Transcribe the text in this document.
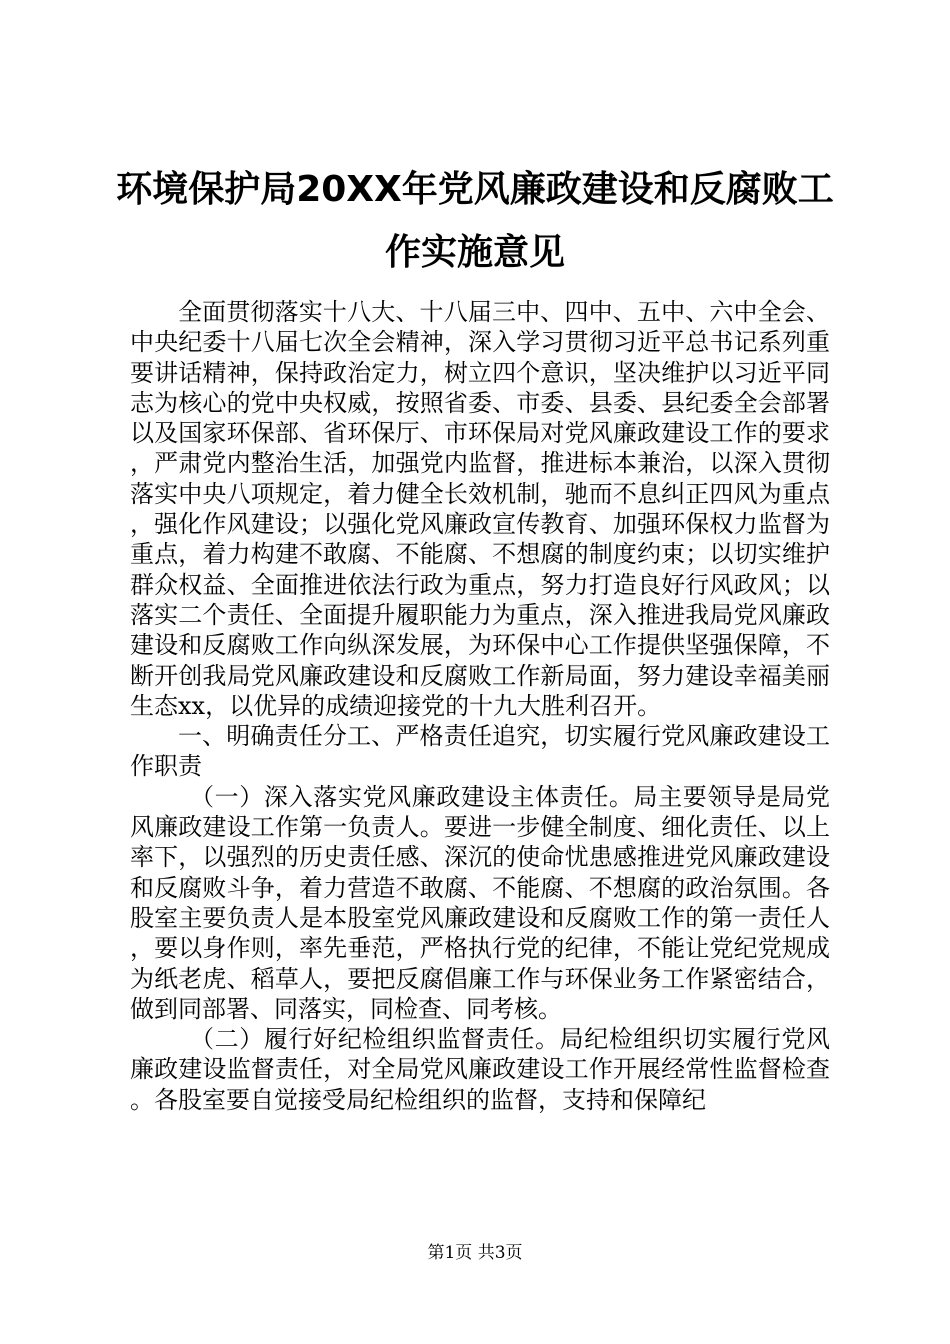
环境保护局20XX年党风廉政建设和反腐败工
作实施意见

全面贯彻落实十八大、十八届三中、四中、五中、六中全会、中央纪委十八届七次全会精神，深入学习贯彻习近平总书记系列重要讲话精神，保持政治定力，树立四个意识，坚决维护以习近平同志为核心的党中央权威，按照省委、市委、县委、县纪委全会部署以及国家环保部、省环保厅、市环保局对党风廉政建设工作的要求，严肃党内整治生活，加强党内监督，推进标本兼治，以深入贯彻落实中央八项规定，着力健全长效机制，驰而不息纠正四风为重点，强化作风建设；以强化党风廉政宣传教育、加强环保权力监督为重点，着力构建不敢腐、不能腐、不想腐的制度约束；以切实维护群众权益、全面推进依法行政为重点，努力打造良好行风政风；以落实二个责任、全面提升履职能力为重点，深入推进我局党风廉政建设和反腐败工作向纵深发展，为环保中心工作提供坚强保障，不断开创我局党风廉政建设和反腐败工作新局面，努力建设幸福美丽生态xx，以优异的成绩迎接党的十九大胜利召开。

一、明确责任分工、严格责任追究，切实履行党风廉政建设工作职责

（一）深入落实党风廉政建设主体责任。局主要领导是局党风廉政建设工作第一负责人。要进一步健全制度、细化责任、以上率下，以强烈的历史责任感、深沉的使命忧患感推进党风廉政建设和反腐败斗争，着力营造不敢腐、不能腐、不想腐的政治氛围。各股室主要负责人是本股室党风廉政建设和反腐败工作的第一责任人，要以身作则，率先垂范，严格执行党的纪律，不能让党纪党规成为纸老虎、稻草人，要把反腐倡廉工作与环保业务工作紧密结合，做到同部署、同落实，同检查、同考核。

（二）履行好纪检组织监督责任。局纪检组织切实履行党风廉政建设监督责任，对全局党风廉政建设工作开展经常性监督检查。各股室要自觉接受局纪检组织的监督，支持和保障纪

第1页 共3页
